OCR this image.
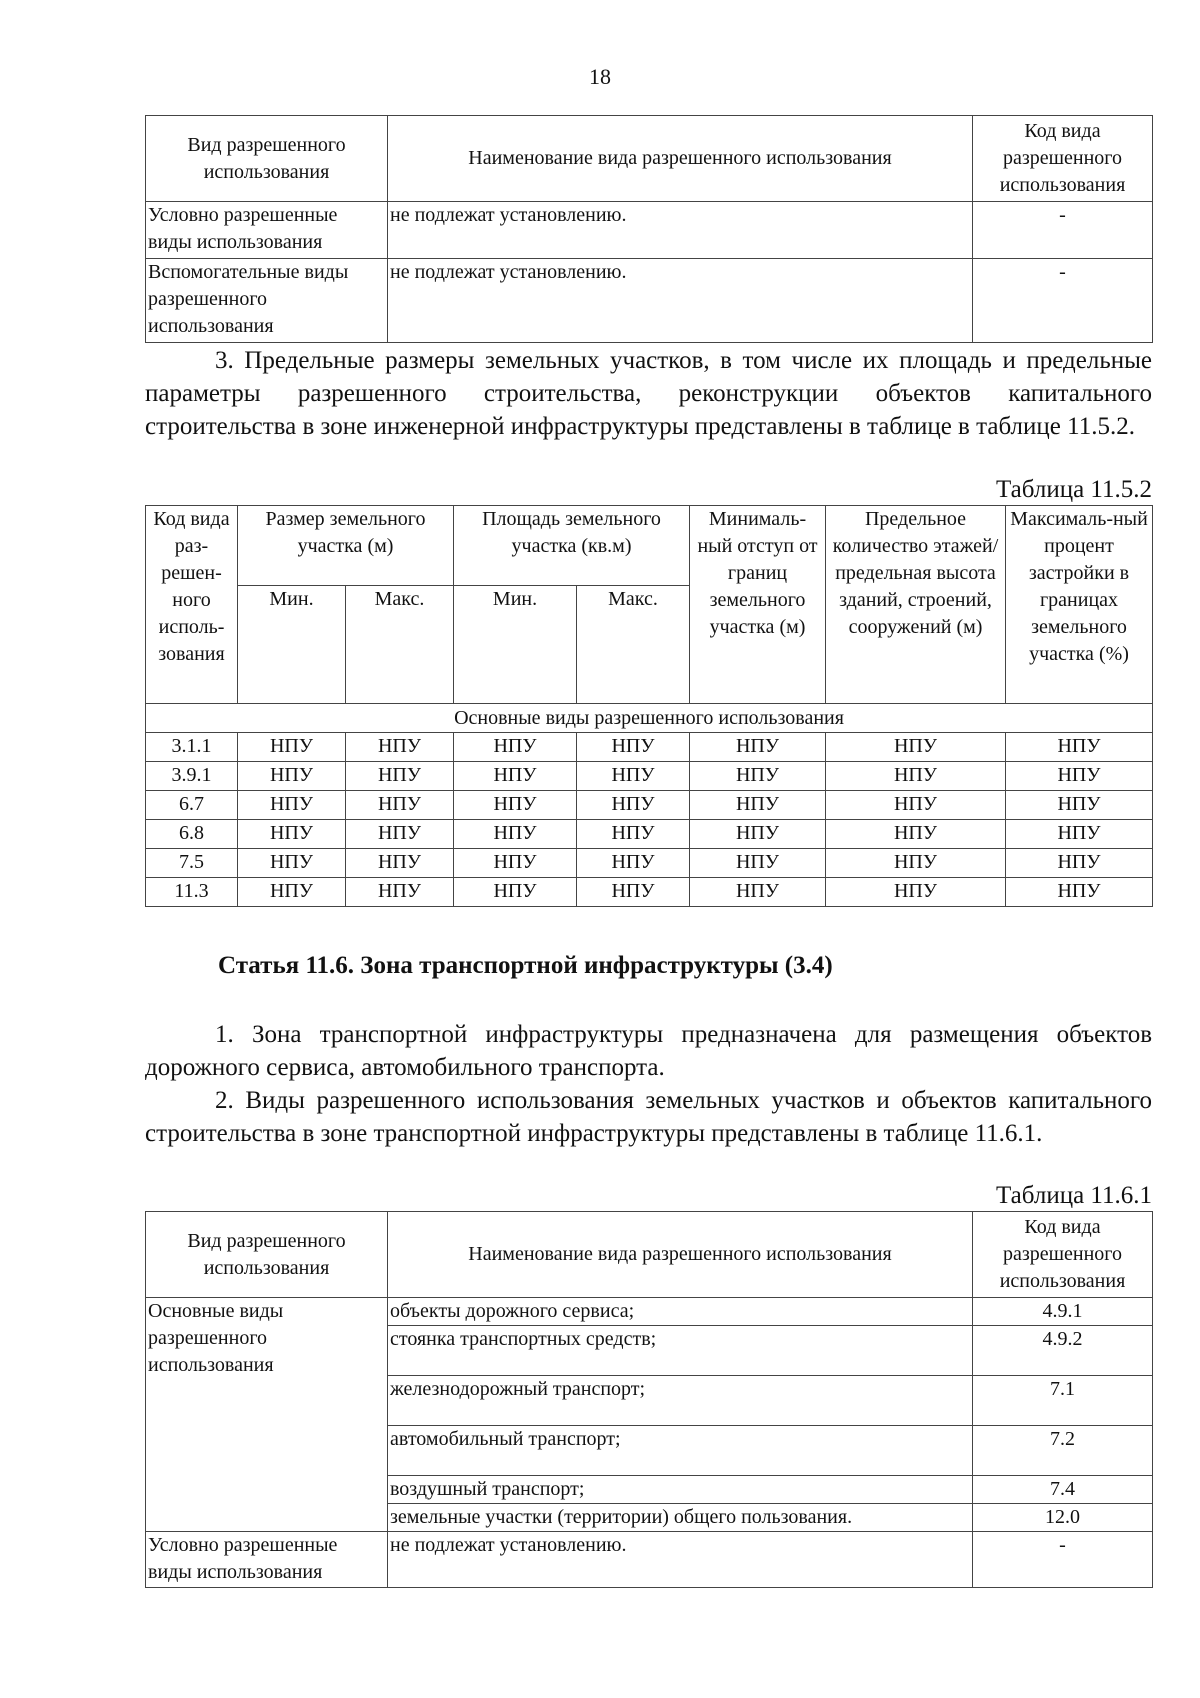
18
Вид разрешенного использования	Наименование вида разрешенного использования	Код вида разрешенного использования
Условно разрешенные виды использования	не подлежат установлению.	-
Вспомогательные виды разрешенного использования	не подлежат установлению.	-
3. Предельные размеры земельных участков, в том числе их площадь и предельные параметры разрешенного строительства, реконструкции объектов капитального строительства в зоне инженерной инфраструктуры представлены в таблице в таблице 11.5.2.
Таблица 11.5.2
Код вида раз-решен-ного исполь-зования	Размер земельного участка (м)		Площадь земельного участка (кв.м)		Минималь-ный отступ от границ земельного участка (м)	Предельное количество этажей/ предельная высота зданий, строений, сооружений (м)	Максималь-ный процент застройки в границах земельного участка (%)
	Мин.	Макс.	Мин.	Макс.			
Основные виды разрешенного использования							
3.1.1	НПУ	НПУ	НПУ	НПУ	НПУ	НПУ	НПУ
3.9.1	НПУ	НПУ	НПУ	НПУ	НПУ	НПУ	НПУ
6.7	НПУ	НПУ	НПУ	НПУ	НПУ	НПУ	НПУ
6.8	НПУ	НПУ	НПУ	НПУ	НПУ	НПУ	НПУ
7.5	НПУ	НПУ	НПУ	НПУ	НПУ	НПУ	НПУ
11.3	НПУ	НПУ	НПУ	НПУ	НПУ	НПУ	НПУ
Статья 11.6. Зона транспортной инфраструктуры (3.4)
1. Зона транспортной инфраструктуры предназначена для размещения объектов дорожного сервиса, автомобильного транспорта.
2. Виды разрешенного использования земельных участков и объектов капитального строительства в зоне транспортной инфраструктуры представлены в таблице 11.6.1.
Таблица 11.6.1
Вид разрешенного использования	Наименование вида разрешенного использования	Код вида разрешенного использования
Основные виды разрешенного использования	объекты дорожного сервиса;	4.9.1
	стоянка транспортных средств;	4.9.2
	железнодорожный транспорт;	7.1
	автомобильный транспорт;	7.2
	воздушный транспорт;	7.4
	земельные участки (территории) общего пользования.	12.0
Условно разрешенные виды использования	не подлежат установлению.	-
